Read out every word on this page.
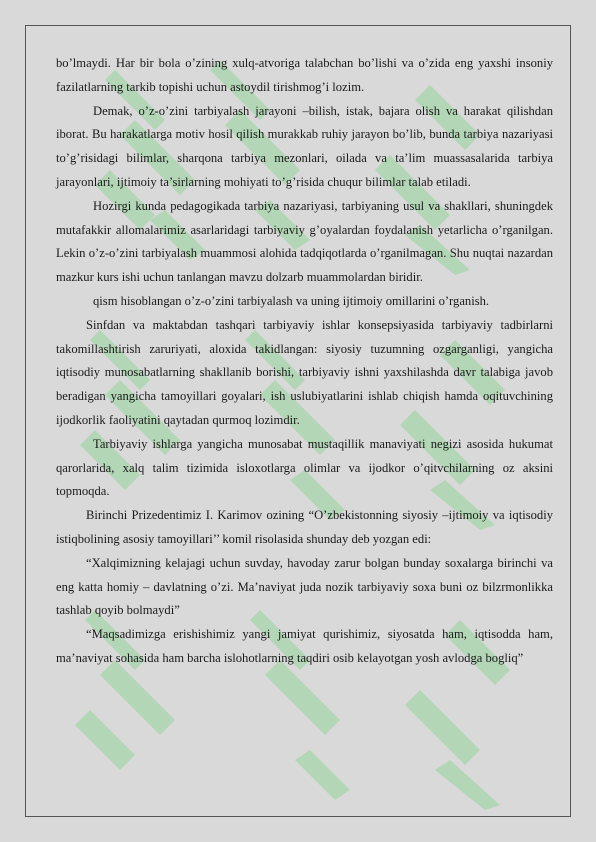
bo’lmaydi. Har bir bola o’zining xulq-atvoriga talabchan bo’lishi va o’zida eng yaxshi insoniy fazilatlarning tarkib topishi uchun astoydil tirishmog’i lozim.

Demak, o’z-o’zini tarbiyalash jarayoni –bilish, istak, bajara olish va harakat qilishdan iborat. Bu harakatlarga motiv hosil qilish murakkab ruhiy jarayon bo’lib, bunda tarbiya nazariyasi to’g’risidagi bilimlar, sharqona tarbiya mezonlari, oilada va ta’lim muassasalarida tarbiya jarayonlari, ijtimoiy ta’sirlarning mohiyati to’g’risida chuqur bilimlar talab etiladi.

Hozirgi kunda pedagogikada tarbiya nazariyasi, tarbiyaning usul va shakllari, shuningdek mutafakkir allomalarimiz asarlaridagi tarbiyaviy g’oyalardan foydalanish yetarlicha o’rganilgan. Lekin o’z-o’zini tarbiyalash muammosi alohida tadqiqotlarda o’rganilmagan. Shu nuqtai nazardan mazkur kurs ishi uchun tanlangan mavzu dolzarb muammolardan biridir.

qism hisoblangan o’z-o’zini tarbiyalash va uning ijtimoiy omillarini o’rganish.

Sinfdan va maktabdan tashqari tarbiyaviy ishlar konsepsiyasida tarbiyaviy tadbirlarni takomillashtirish zaruriyati, aloxida takidlangan: siyosiy tuzumning ozgarganligi, yangicha iqtisodiy munosabatlarning shakllanib borishi, tarbiyaviy ishni yaxshilashda davr talabiga javob beradigan yangicha tamoyillari goyalari, ish uslubiyatlarini ishlab chiqish hamda oqituvchining ijodkorlik faoliyatini qaytadan qurmoq lozimdir.

Tarbiyaviy ishlarga yangicha munosabat mustaqillik manaviyati negizi asosida hukumat qarorlarida, xalq talim tizimida isloxotlarga olimlar va ijodkor o’qitvchilarning oz aksini topmoqda.

Birinchi Prizedentimiz I. Karimov ozining “O’zbekistonning siyosiy –ijtimoiy va iqtisodiy istiqbolining asosiy tamoyillari’’ komil risolasida shunday deb yozgan edi:

“Xalqimizning kelajagi uchun suvday, havoday zarur bolgan bunday soxalarga birinchi va eng katta homiy – davlatning o’zi. Ma’naviyat juda nozik tarbiyaviy soxa buni oz bilzrmonlikka tashlab qoyib bolmaydi”

“Maqsadimizga erishishimiz yangi jamiyat qurishimiz, siyosatda ham, iqtisodda ham, ma’naviyat sohasida ham barcha islohotlarning taqdiri osib kelayotgan yosh avlodga bogliq”
